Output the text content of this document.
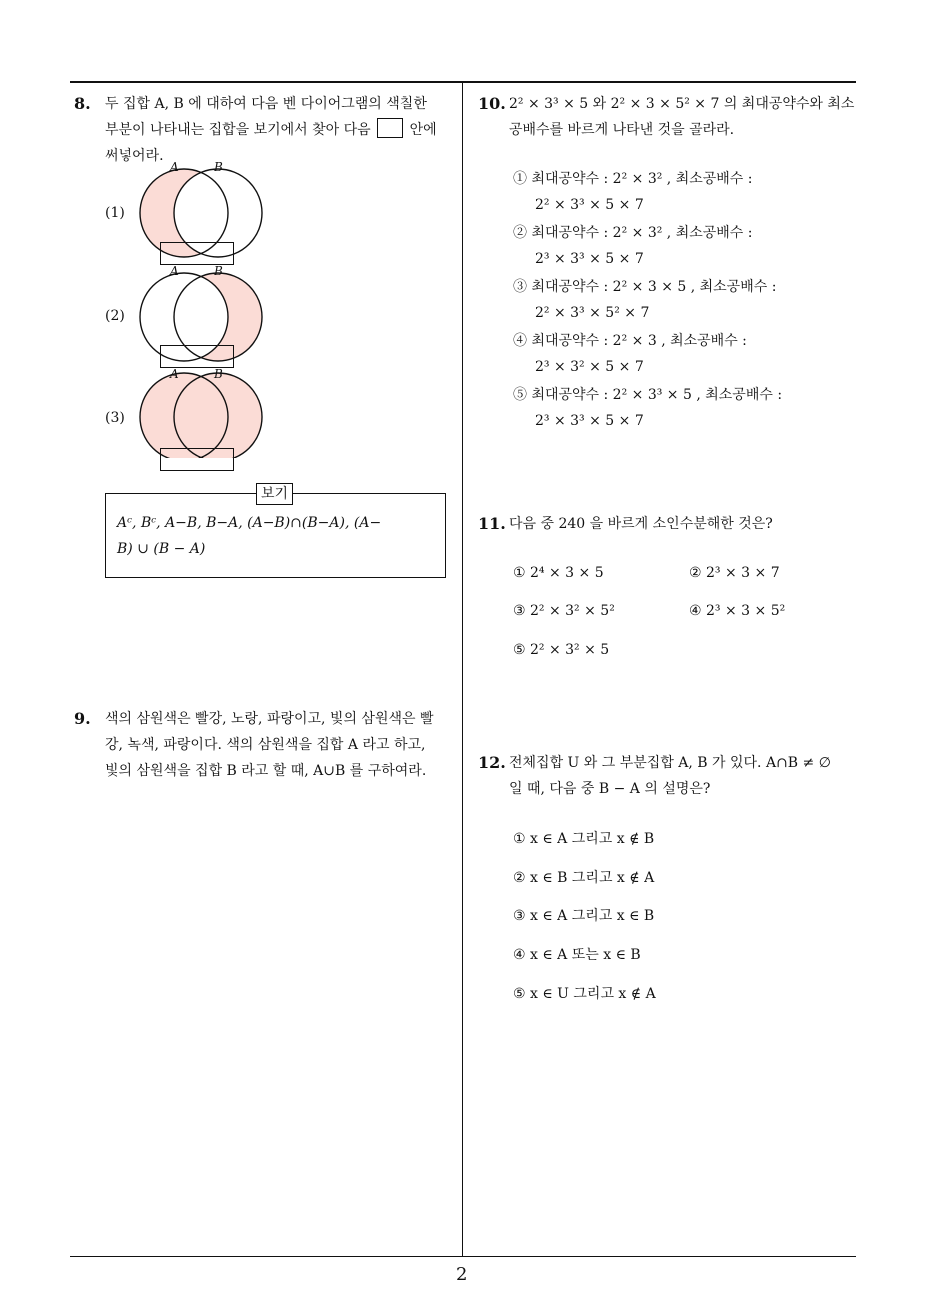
8. 두 집합 A, B 에 대하여 다음 벤 다이어그램의 색칠한
부분이 나타내는 집합을 보기에서 찾아 다음	안에
써넣어라.
A	B
A	B
A	B
(1)
(2)
(3)
보기
Aᶜ, Bᶜ, A−B, B−A, (A−B)∩(B−A), (A−
B) ∪ (B − A)
9. 색의 삼원색은 빨강, 노랑, 파랑이고, 빛의 삼원색은 빨
강, 녹색, 파랑이다. 색의 삼원색을 집합 A 라고 하고,
빛의 삼원색을 집합 B 라고 할 때, A∪B 를 구하여라.
10. 2² × 3³ × 5 와 2² × 3 × 5² × 7 의 최대공약수와 최소
공배수를 바르게 나타낸 것을 골라라.
① 최대공약수 : 2² × 3² , 최소공배수 :
2² × 3³ × 5 × 7
② 최대공약수 : 2² × 3² , 최소공배수 :
2³ × 3³ × 5 × 7
③ 최대공약수 : 2² × 3 × 5 , 최소공배수 :
2² × 3³ × 5² × 7
④ 최대공약수 : 2² × 3 , 최소공배수 :
2³ × 3² × 5 × 7
⑤ 최대공약수 : 2² × 3³ × 5 , 최소공배수 :
2³ × 3³ × 5 × 7
11. 다음 중 240 을 바르게 소인수분해한 것은?
① 2⁴ × 3 × 5	② 2³ × 3 × 7
③ 2² × 3² × 5²	④ 2³ × 3 × 5²
⑤ 2² × 3² × 5
12. 전체집합 U 와 그 부분집합 A, B 가 있다. A∩B ≠ ∅
일 때, 다음 중 B − A 의 설명은?
① x ∈ A 그리고 x ∉ B
② x ∈ B 그리고 x ∉ A
③ x ∈ A 그리고 x ∈ B
④ x ∈ A 또는 x ∈ B
⑤ x ∈ U 그리고 x ∉ A
2
